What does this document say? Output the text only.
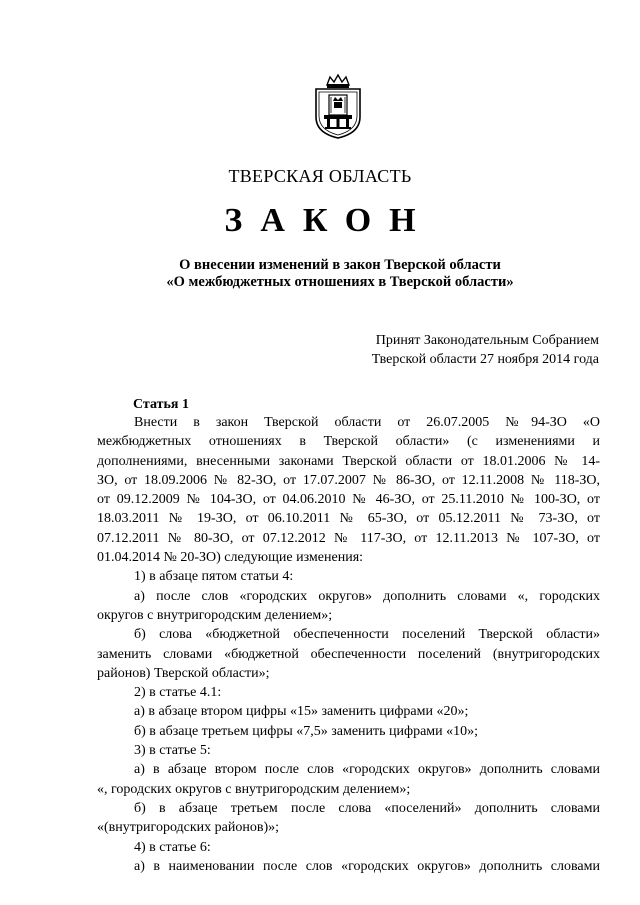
ТВЕРСКАЯ ОБЛАСТЬ
ЗАКОН
О внесении изменений в закон Тверской области
«О межбюджетных отношениях в Тверской области»
Принят Законодательным Собранием
Тверской области 27 ноября 2014 года
Статья 1
Внести в закон Тверской области от 26.07.2005 №94-ЗО «О
межбюджетных отношениях в Тверской области» (с изменениями и
дополнениями, внесенными законами Тверской области от 18.01.2006 № 14-
ЗО, от 18.09.2006 № 82-ЗО, от 17.07.2007 № 86-ЗО, от 12.11.2008 № 118-ЗО,
от 09.12.2009 № 104-ЗО, от 04.06.2010 № 46-ЗО, от 25.11.2010 № 100-ЗО, от
18.03.2011 № 19-ЗО, от 06.10.2011 № 65-ЗО, от 05.12.2011 № 73-ЗО, от
07.12.2011 № 80-ЗО, от 07.12.2012 № 117-ЗО, от 12.11.2013 № 107-ЗО, от
01.04.2014 № 20-ЗО) следующие изменения:
1) в абзаце пятом статьи 4:
а) после слов «городских округов» дополнить словами «, городских
округов с внутригородским делением»;
б) слова «бюджетной обеспеченности поселений Тверской области»
заменить словами «бюджетной обеспеченности поселений (внутригородских
районов) Тверской области»;
2) в статье 4.1:
а) в абзаце втором цифры «15» заменить цифрами «20»;
б) в абзаце третьем цифры «7,5» заменить цифрами «10»;
3) в статье 5:
а) в абзаце втором после слов «городских округов» дополнить словами
«, городских округов с внутригородским делением»;
б) в абзаце третьем после слова «поселений» дополнить словами
«(внутригородских районов)»;
4) в статье 6:
а) в наименовании после слов «городских округов» дополнить словами
